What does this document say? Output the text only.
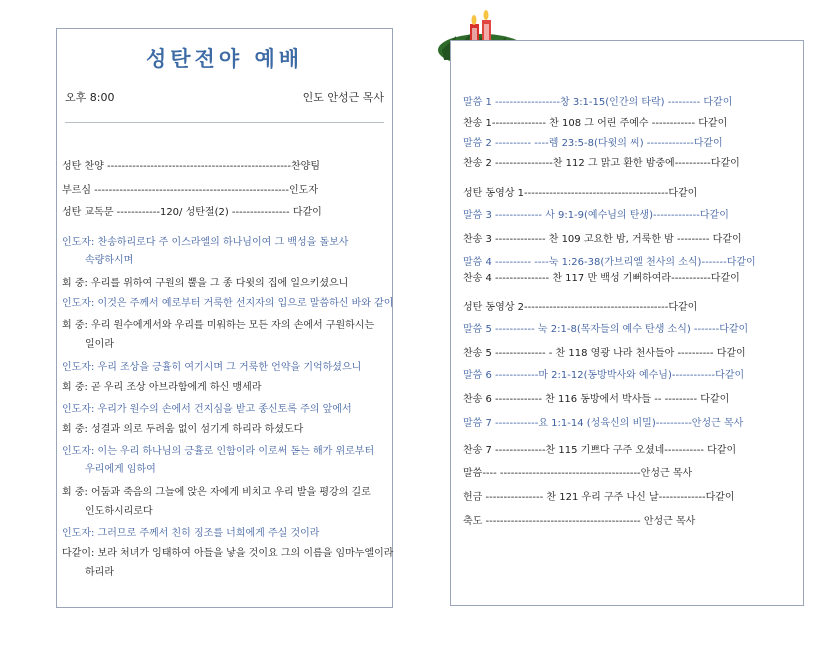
성탄전야 예배
오후 8:00	인도 안성근 목사
성탄 찬양 ---------------------------------------------------찬양팀
부르심 ------------------------------------------------------인도자
성탄 교독문 ------------120/ 성탄절(2) ---------------- 다같이
인도자: 찬송하리로다 주 이스라엘의 하나님이여 그 백성을 돌보사
속량하시며
회 중: 우리를 위하여 구원의 뿔을 그 종 다윗의 집에 일으키셨으니
인도자: 이것은 주께서 예로부터 거룩한 선지자의 입으로 말씀하신 바와 같이
회 중: 우리 원수에게서와 우리를 미워하는 모든 자의 손에서 구원하시는
일이라
인도자: 우리 조상을 긍휼히 여기시며 그 거룩한 언약을 기억하셨으니
회 중: 곧 우리 조상 아브라함에게 하신 맹세라
인도자: 우리가 원수의 손에서 건지심을 받고 종신토록 주의 앞에서
회 중: 성결과 의로 두려움 없이 섬기게 하리라 하셨도다
인도자: 이는 우리 하나님의 긍휼로 인함이라 이로써 돋는 해가 위로부터
우리에게 임하여
회 중: 어둠과 죽음의 그늘에 앉은 자에게 비치고 우리 발을 평강의 길로
인도하시리로다
인도자: 그러므로 주께서 친히 징조를 너희에게 주실 것이라
다같이: 보라 처녀가 잉태하여 아들을 낳을 것이요 그의 이름을 임마누엘이라
하리라
말씀 1 ------------------창 3:1-15(인간의 타락) --------- 다같이
찬송 1--------------- 찬 108 그 어린 주예수 ------------ 다같이
말씀 2 ---------- ----렘 23:5-8(다윗의 씨) -------------다같이
찬송 2 ----------------찬 112 그 맑고 환한 밤중에----------다같이
성탄 동영상 1----------------------------------------다같이
말씀 3 ------------- 사 9:1-9(예수님의 탄생)-------------다같이
찬송 3 -------------- 찬 109 고요한 밤, 거룩한 밤 --------- 다같이
말씀 4 ---------- ----눅 1:26-38(가브리엘 천사의 소식)-------다같이
찬송 4 --------------- 찬 117 만 백성 기뻐하여라-----------다같이
성탄 동영상 2----------------------------------------다같이
말씀 5 ----------- 눅 2:1-8(목자들의 예수 탄생 소식) -------다같이
찬송 5 -------------- - 찬 118 영광 나라 천사들아 ---------- 다같이
말씀 6 ------------마 2:1-12(동방박사와 예수님)------------다같이
찬송 6 ------------- 찬 116 동방에서 박사들 -- --------- 다같이
말씀 7 ------------요 1:1-14 (성육신의 비밀)----------안성근 목사
찬송 7 --------------찬 115 기쁘다 구주 오셨네----------- 다같이
말씀---- ---------------------------------------안성근 목사
헌금 ---------------- 찬 121 우리 구주 나신 날-------------다같이
축도 ------------------------------------------- 안성근 목사
